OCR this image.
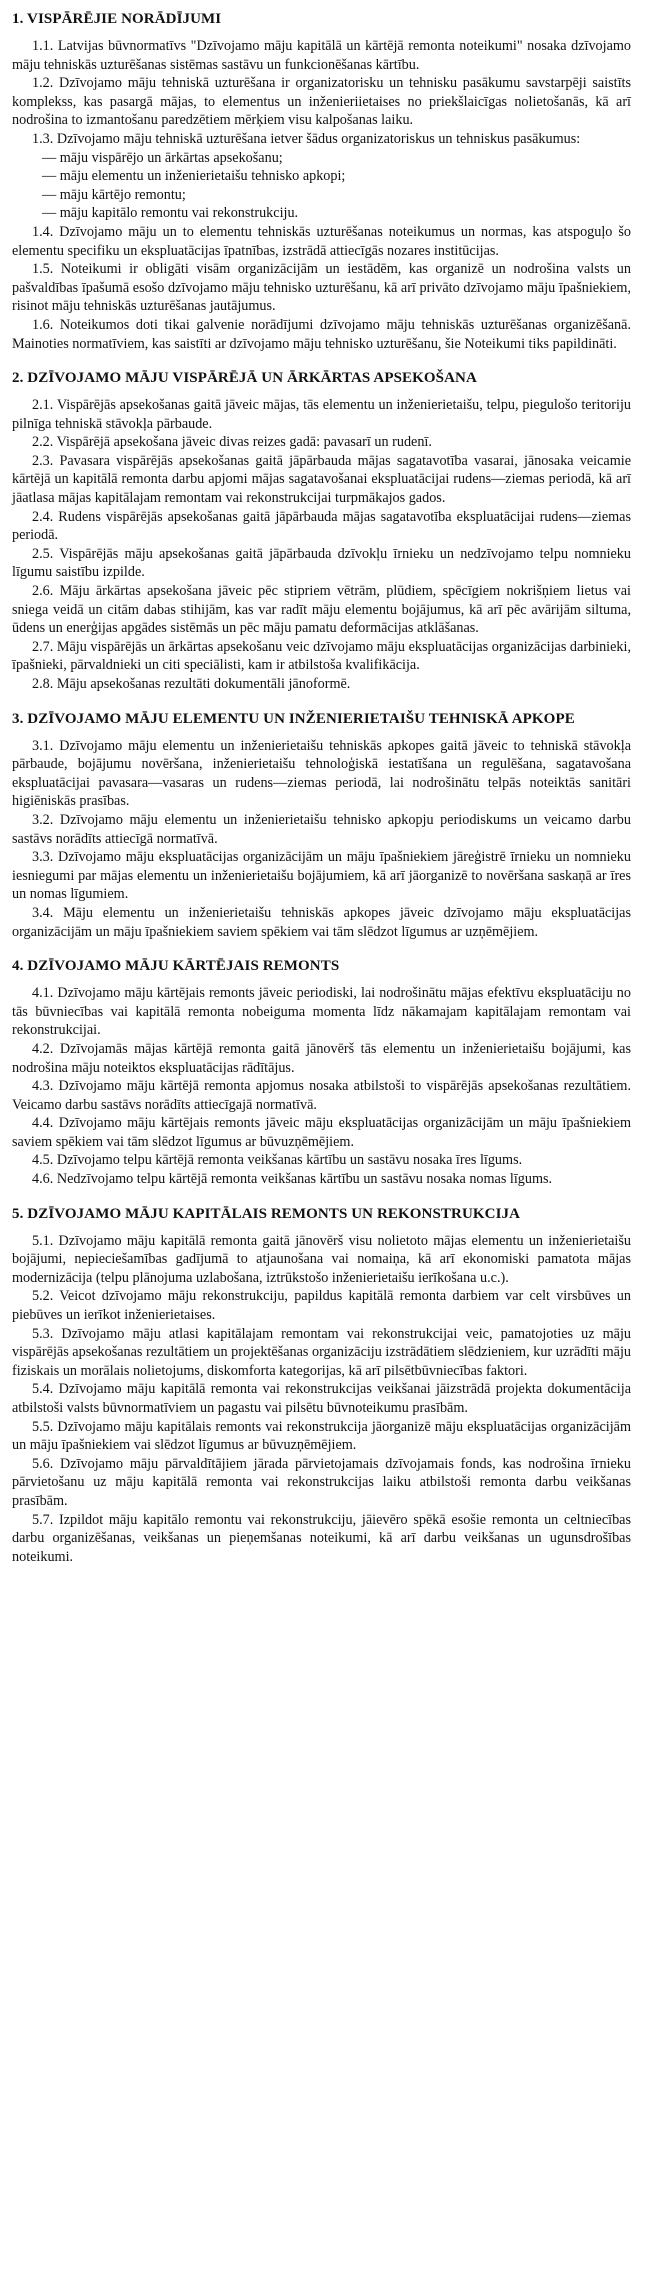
1. VISPĀRĒJIE NORĀDĪJUMI

1.1. Latvijas būvnormatīvs "Dzīvojamo māju kapitālā un kārtējā remonta noteikumi" nosaka dzīvojamo māju tehniskās uzturēšanas sistēmas sastāvu un funkcionēšanas kārtību.

1.2. Dzīvojamo māju tehniskā uzturēšana ir organizatorisku un tehnisku pasākumu savstarpēji saistīts komplekss, kas pasargā mājas, to elementus un inženieriietaises no priekšlaicīgas nolietošanās, kā arī nodrošina to izmantošanu paredzētiem mērķiem visu kalpošanas laiku.

1.3. Dzīvojamo māju tehniskā uzturēšana ietver šādus organizatoriskus un tehniskus pasākumus:

— māju vispārējo un ārkārtas apsekošanu;

— māju elementu un inženierietaišu tehnisko apkopi;

— māju kārtējo remontu;

— māju kapitālo remontu vai rekonstrukciju.

1.4. Dzīvojamo māju un to elementu tehniskās uzturēšanas noteikumus un normas, kas atspoguļo šo elementu specifiku un ekspluatācijas īpatnības, izstrādā attiecīgās nozares institūcijas.

1.5. Noteikumi ir obligāti visām organizācijām un iestādēm, kas organizē un nodrošina valsts un pašvaldības īpašumā esošo dzīvojamo māju tehnisko uzturēšanu, kā arī privāto dzīvojamo māju īpašniekiem, risinot māju tehniskās uzturēšanas jautājumus.

1.6. Noteikumos doti tikai galvenie norādījumi dzīvojamo māju tehniskās uzturēšanas organizēšanā. Mainoties normatīviem, kas saistīti ar dzīvojamo māju tehnisko uzturēšanu, šie Noteikumi tiks papildināti.

2. DZĪVOJAMO MĀJU VISPĀRĒJĀ UN ĀRKĀRTAS APSEKOŠANA

2.1. Vispārējās apsekošanas gaitā jāveic mājas, tās elementu un inženierietaišu, telpu, piegulošo teritoriju pilnīga tehniskā stāvokļa pārbaude.

2.2. Vispārējā apsekošana jāveic divas reizes gadā: pavasarī un rudenī.

2.3. Pavasara vispārējās apsekošanas gaitā jāpārbauda mājas sagatavotība vasarai, jānosaka veicamie kārtējā un kapitālā remonta darbu apjomi mājas sagatavošanai ekspluatācijai rudens—ziemas periodā, kā arī jāatlasa mājas kapitālajam remontam vai rekonstrukcijai turpmākajos gados.

2.4. Rudens vispārējās apsekošanas gaitā jāpārbauda mājas sagatavotība ekspluatācijai rudens—ziemas periodā.

2.5. Vispārējās māju apsekošanas gaitā jāpārbauda dzīvokļu īrnieku un nedzīvojamo telpu nomnieku līgumu saistību izpilde.

2.6. Māju ārkārtas apsekošana jāveic pēc stipriem vētrām, plūdiem, spēcīgiem nokrišņiem lietus vai sniega veidā un citām dabas stihijām, kas var radīt māju elementu bojājumus, kā arī pēc avārijām siltuma, ūdens un enerģijas apgādes sistēmās un pēc māju pamatu deformācijas atklāšanas.

2.7. Māju vispārējās un ārkārtas apsekošanu veic dzīvojamo māju ekspluatācijas organizācijas darbinieki, īpašnieki, pārvaldnieki un citi speciālisti, kam ir atbilstoša kvalifikācija.

2.8. Māju apsekošanas rezultāti dokumentāli jānoformē.

3. DZĪVOJAMO MĀJU ELEMENTU UN INŽENIERIETAIŠU TEHNISKĀ APKOPE

3.1. Dzīvojamo māju elementu un inženierietaišu tehniskās apkopes gaitā jāveic to tehniskā stāvokļa pārbaude, bojājumu novēršana, inženierietaišu tehnoloģiskā iestatīšana un regulēšana, sagatavošana ekspluatācijai pavasara—vasaras un rudens—ziemas periodā, lai nodrošinātu telpās noteiktās sanitāri higiēniskās prasības.

3.2. Dzīvojamo māju elementu un inženierietaišu tehnisko apkopju periodiskums un veicamo darbu sastāvs norādīts attiecīgā normatīvā.

3.3. Dzīvojamo māju ekspluatācijas organizācijām un māju īpašniekiem jāreģistrē īrnieku un nomnieku iesniegumi par mājas elementu un inženierietaišu bojājumiem, kā arī jāorganizē to novēršana saskaņā ar īres un nomas līgumiem.

3.4. Māju elementu un inženierietaišu tehniskās apkopes jāveic dzīvojamo māju ekspluatācijas organizācijām un māju īpašniekiem saviem spēkiem vai tām slēdzot līgumus ar uzņēmējiem.

4. DZĪVOJAMO MĀJU KĀRTĒJAIS REMONTS

4.1. Dzīvojamo māju kārtējais remonts jāveic periodiski, lai nodrošinātu mājas efektīvu ekspluatāciju no tās būvniecības vai kapitālā remonta nobeiguma momenta līdz nākamajam kapitālajam remontam vai rekonstrukcijai.

4.2. Dzīvojamās mājas kārtējā remonta gaitā jānovērš tās elementu un inženierietaišu bojājumi, kas nodrošina māju noteiktos ekspluatācijas rādītājus.

4.3. Dzīvojamo māju kārtējā remonta apjomus nosaka atbilstoši to vispārējās apsekošanas rezultātiem. Veicamo darbu sastāvs norādīts attiecīgajā normatīvā.

4.4. Dzīvojamo māju kārtējais remonts jāveic māju ekspluatācijas organizācijām un māju īpašniekiem saviem spēkiem vai tām slēdzot līgumus ar būvuzņēmējiem.

4.5. Dzīvojamo telpu kārtējā remonta veikšanas kārtību un sastāvu nosaka īres līgums.

4.6. Nedzīvojamo telpu kārtējā remonta veikšanas kārtību un sastāvu nosaka nomas līgums.

5. DZĪVOJAMO MĀJU KAPITĀLAIS REMONTS UN REKONSTRUKCIJA

5.1. Dzīvojamo māju kapitālā remonta gaitā jānovērš visu nolietoto mājas elementu un inženierietaišu bojājumi, nepieciešamības gadījumā to atjaunošana vai nomaiņa, kā arī ekonomiski pamatota mājas modernizācija (telpu plānojuma uzlabošana, iztrūkstošo inženierietaišu ierīkošana u.c.).

5.2. Veicot dzīvojamo māju rekonstrukciju, papildus kapitālā remonta darbiem var celt virsbūves un piebūves un ierīkot inženierietaises.

5.3. Dzīvojamo māju atlasi kapitālajam remontam vai rekonstrukcijai veic, pamatojoties uz māju vispārējās apsekošanas rezultātiem un projektēšanas organizāciju izstrādātiem slēdzieniem, kur uzrādīti māju fiziskais un morālais nolietojums, diskomforta kategorijas, kā arī pilsētbūvniecības faktori.

5.4. Dzīvojamo māju kapitālā remonta vai rekonstrukcijas veikšanai jāizstrādā projekta dokumentācija atbilstoši valsts būvnormatīviem un pagastu vai pilsētu būvnoteikumu prasībām.

5.5. Dzīvojamo māju kapitālais remonts vai rekonstrukcija jāorganizē māju ekspluatācijas organizācijām un māju īpašniekiem vai slēdzot līgumus ar būvuzņēmējiem.

5.6. Dzīvojamo māju pārvaldītājiem jārada pārvietojamais dzīvojamais fonds, kas nodrošina īrnieku pārvietošanu uz māju kapitālā remonta vai rekonstrukcijas laiku atbilstoši remonta darbu veikšanas prasībām.

5.7. Izpildot māju kapitālo remontu vai rekonstrukciju, jāievēro spēkā esošie remonta un celtniecības darbu organizēšanas, veikšanas un pieņemšanas noteikumi, kā arī darbu veikšanas un ugunsdrošības noteikumi.
